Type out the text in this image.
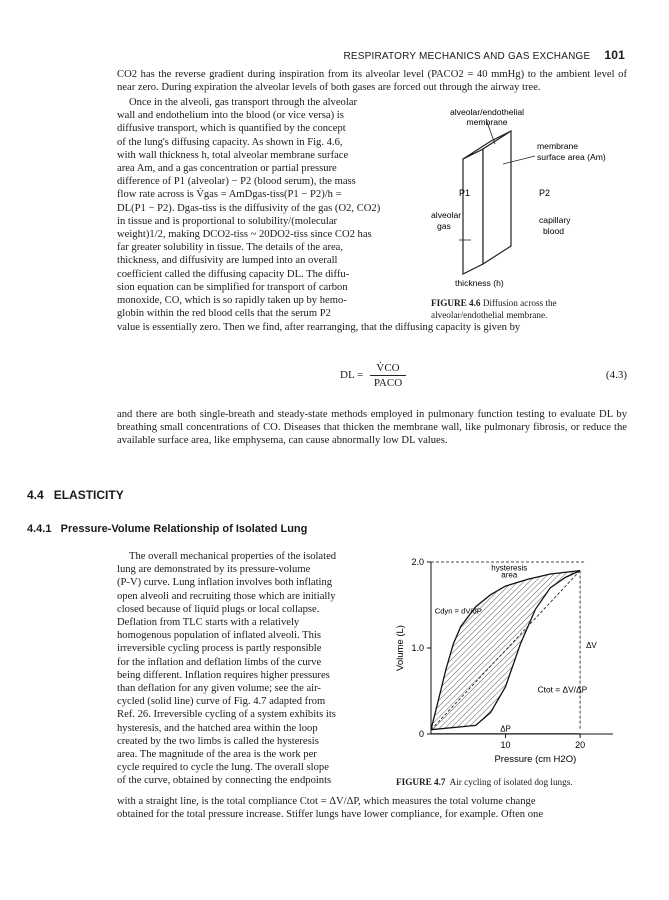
RESPIRATORY MECHANICS AND GAS EXCHANGE 101
CO2 has the reverse gradient during inspiration from its alveolar level (PACO2 = 40 mmHg) to the ambient level of near zero. During expiration the alveolar levels of both gases are forced out through the airway tree.
Once in the alveoli, gas transport through the alveolar
wall and endothelium into the blood (or vice versa) is
diffusive transport, which is quantified by the concept
of the lung's diffusing capacity. As shown in Fig. 4.6,
with wall thickness h, total alveolar membrane surface
area Am, and a gas concentration or partial pressure
difference of P1 (alveolar) − P2 (blood serum), the mass
flow rate across is V̇gas = AmDgas-tiss(P1 − P2)/h =
DL(P1 − P2). Dgas-tiss is the diffusivity of the gas (O2, CO2)
in tissue and is proportional to solubility/(molecular
weight)1/2, making DCO2-tiss ~ 20DO2-tiss since CO2 has
far greater solubility in tissue. The details of the area,
thickness, and diffusivity are lumped into an overall
coefficient called the diffusing capacity DL. The diffu-
sion equation can be simplified for transport of carbon
monoxide, CO, which is so rapidly taken up by hemo-
globin within the red blood cells that the serum P2
value is essentially zero. Then we find, after rearranging, that the diffusing capacity is given by
alveolar/endothelial
membrane
membrane
surface area (Am)
P1	P2
alveolar
gas
capillary
blood
thickness (h)
FIGURE 4.6 Diffusion across the alveolar/endothelial membrane.
DL =
V̇CO
PACO
(4.3)
and there are both single-breath and steady-state methods employed in pulmonary function testing to evaluate DL by breathing small concentrations of CO. Diseases that thicken the membrane wall, like pulmonary fibrosis, or reduce the available surface area, like emphysema, can cause abnormally low DL values.
4.4 ELASTICITY
4.4.1 Pressure-Volume Relationship of Isolated Lung
The overall mechanical properties of the isolated
lung are demonstrated by its pressure-volume
(P-V) curve. Lung inflation involves both inflating
open alveoli and recruiting those which are initially
closed because of liquid plugs or local collapse.
Deflation from TLC starts with a relatively
homogenous population of inflated alveoli. This
irreversible cycling process is partly responsible
for the inflation and deflation limbs of the curve
being different. Inflation requires higher pressures
than deflation for any given volume; see the air-
cycled (solid line) curve of Fig. 4.7 adapted from
Ref. 26. Irreversible cycling of a system exhibits its
hysteresis, and the hatched area within the loop
created by the two limbs is called the hysteresis
area. The magnitude of the area is the work per
cycle required to cycle the lung. The overall slope
of the curve, obtained by connecting the endpoints
with a straight line, is the total compliance Ctot = ΔV/ΔP, which measures the total volume change
obtained for the total pressure increase. Stiffer lungs have lower compliance, for example. Often one
10	20
0
1.0
2.0
Pressure (cm H2O)
Volume (L)
hysteresis
area
Cdyn = dV/dP
Ctot = ΔV/ΔP
ΔV
ΔP
FIGURE 4.7 Air cycling of isolated dog lungs.
